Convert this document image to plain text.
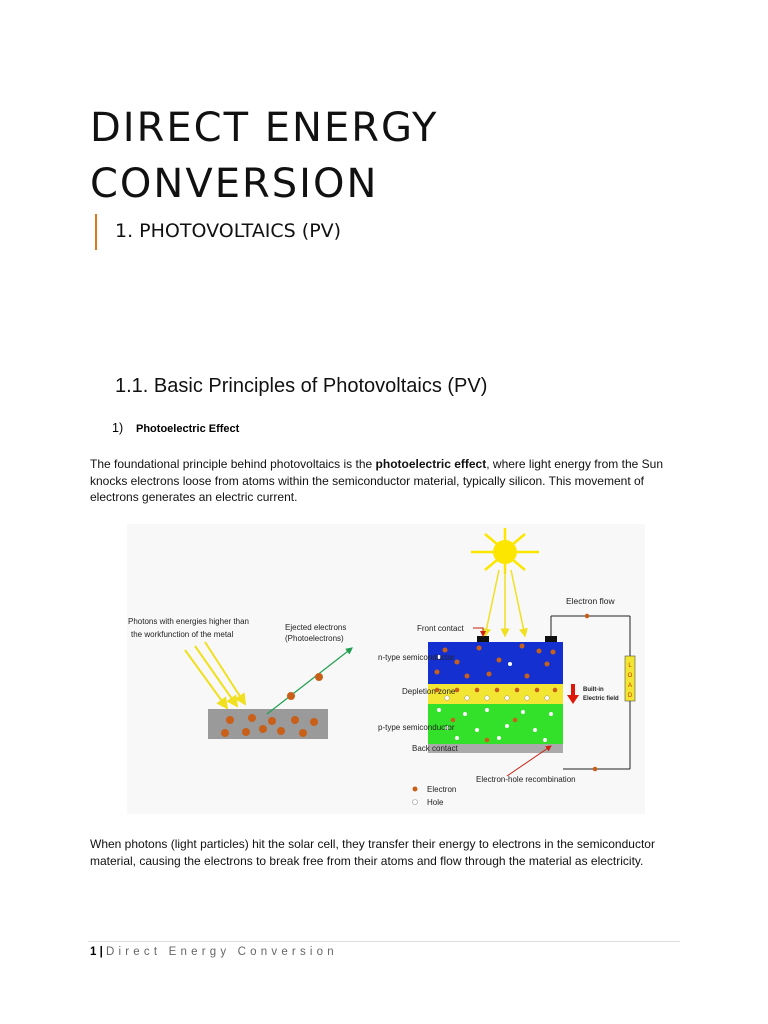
DIRECT ENERGY
CONVERSION
1. PHOTOVOLTAICS (PV)
1.1. Basic Principles of Photovoltaics (PV)
1) Photoelectric Effect

The foundational principle behind photovoltaics is the photoelectric effect, where light energy from the Sun knocks electrons loose from atoms within the semiconductor material, typically silicon. This movement of electrons generates an electric current.

Photons with energies higher than
the workfunction of the metal
Ejected electrons
(Photoelectrons)
Front contact
n-type semiconductor
Depletion zone
p-type semiconductor
Back contact
Electron flow
L
O
A
D
Built-in
Electric field
Electron-hole recombination
Electron
Hole

When photons (light particles) hit the solar cell, they transfer their energy to electrons in the semiconductor material, causing the electrons to break free from their atoms and flow through the material as electricity.

1 | Direct Energy Conversion
